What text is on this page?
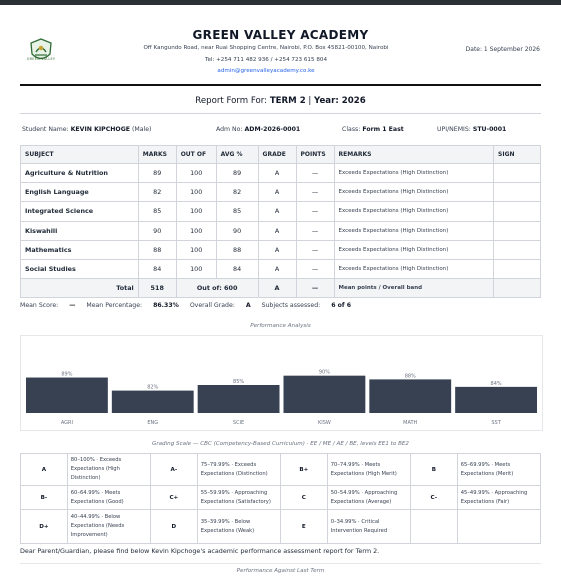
GREEN VALLEY
GREEN VALLEY ACADEMY
Off Kangundo Road, near Ruai Shopping Centre, Nairobi, P.O. Box 45821-00100, Nairobi
Tel: +254 711 482 936 / +254 723 615 804
admin@greenvalleyacademy.co.ke
Date: 1 September 2026
Report Form For: TERM 2 | Year: 2026
Student Name: KEVIN KIPCHOGE (Male)	Adm No: ADM-2026-0001	Class: Form 1 East	UPI/NEMIS: STU-0001
SUBJECT	MARKS	OUT OF	AVG %	GRADE	POINTS	REMARKS	SIGN
Agriculture & Nutrition	89	100	89	A	—	Exceeds Expectations (High Distinction)	
English Language	82	100	82	A	—	Exceeds Expectations (High Distinction)	
Integrated Science	85	100	85	A	—	Exceeds Expectations (High Distinction)	
Kiswahili	90	100	90	A	—	Exceeds Expectations (High Distinction)	
Mathematics	88	100	88	A	—	Exceeds Expectations (High Distinction)	
Social Studies	84	100	84	A	—	Exceeds Expectations (High Distinction)	
Total	518	Out of: 600		A	—	Mean points / Overall band	
Mean Score: — Mean Percentage: 86.33% Overall Grade: A Subjects assessed: 6 of 6
Performance Analysis
89%
AGRI
82%
ENG
85%
SCIE
90%
KISW
88%
MATH
84%
SST
Grading Scale — CBC (Competency-Based Curriculum) · EE / ME / AE / BE, levels EE1 to BE2
A	80–100% · Exceeds Expectations (High Distinction)	A-	75–79.99% · Exceeds Expectations (Distinction)	B+	70–74.99% · Meets Expectations (High Merit)	B	65–69.99% · Meets Expectations (Merit)
B-	60–64.99% · Meets Expectations (Good)	C+	55–59.99% · Approaching Expectations (Satisfactory)	C	50–54.99% · Approaching Expectations (Average)	C-	45–49.99% · Approaching Expectations (Fair)
D+	40–44.99% · Below Expectations (Needs Improvement)	D	35–39.99% · Below Expectations (Weak)	E	0–34.99% · Critical Intervention Required		
Dear Parent/Guardian, please find below Kevin Kipchoge's academic performance assessment report for Term 2.
Performance Against Last Term
